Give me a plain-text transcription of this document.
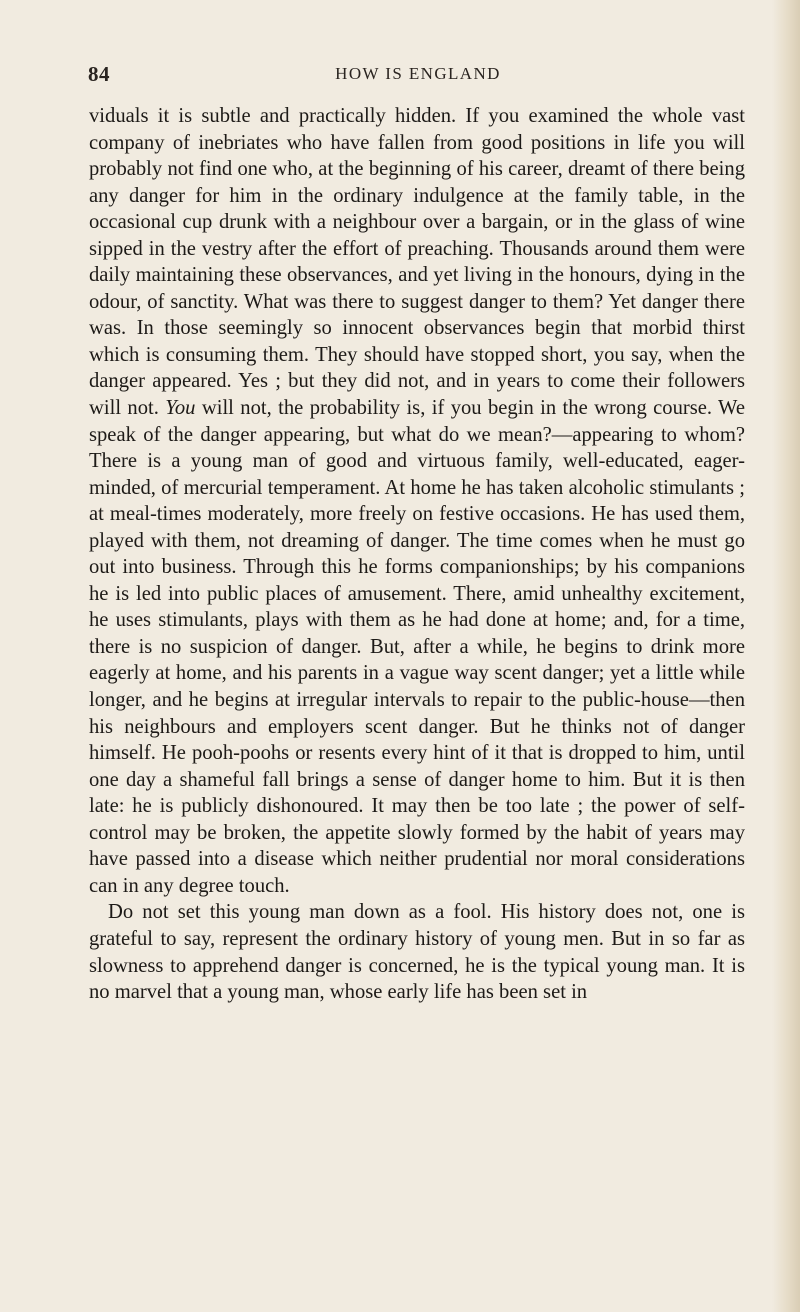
84	HOW IS ENGLAND

viduals it is subtle and practically hidden. If you examined the whole vast company of inebriates who have fallen from good positions in life you will probably not find one who, at the beginning of his career, dreamt of there being any danger for him in the ordinary indulgence at the family table, in the occasional cup drunk with a neighbour over a bargain, or in the glass of wine sipped in the vestry after the effort of preaching. Thousands around them were daily maintaining these observances, and yet living in the honours, dying in the odour, of sanctity. What was there to suggest danger to them? Yet danger there was. In those seemingly so innocent observances begin that morbid thirst which is consuming them. They should have stopped short, you say, when the danger appeared. Yes ; but they did not, and in years to come their followers will not. You will not, the probability is, if you begin in the wrong course. We speak of the danger appearing, but what do we mean?—appearing to whom? There is a young man of good and virtuous family, well-educated, eager-minded, of mercurial temperament. At home he has taken alcoholic stimulants ; at meal-times moderately, more freely on festive occasions. He has used them, played with them, not dreaming of danger. The time comes when he must go out into business. Through this he forms companionships; by his companions he is led into public places of amusement. There, amid unhealthy excitement, he uses stimulants, plays with them as he had done at home; and, for a time, there is no suspicion of danger. But, after a while, he begins to drink more eagerly at home, and his parents in a vague way scent danger; yet a little while longer, and he begins at irregular intervals to repair to the public-house—then his neighbours and employers scent danger. But he thinks not of danger himself. He pooh-poohs or resents every hint of it that is dropped to him, until one day a shameful fall brings a sense of danger home to him. But it is then late: he is publicly dishonoured. It may then be too late ; the power of self-control may be broken, the appetite slowly formed by the habit of years may have passed into a disease which neither prudential nor moral considerations can in any degree touch.

Do not set this young man down as a fool. His history does not, one is grateful to say, represent the ordinary history of young men. But in so far as slowness to apprehend danger is concerned, he is the typical young man. It is no marvel that a young man, whose early life has been set in
